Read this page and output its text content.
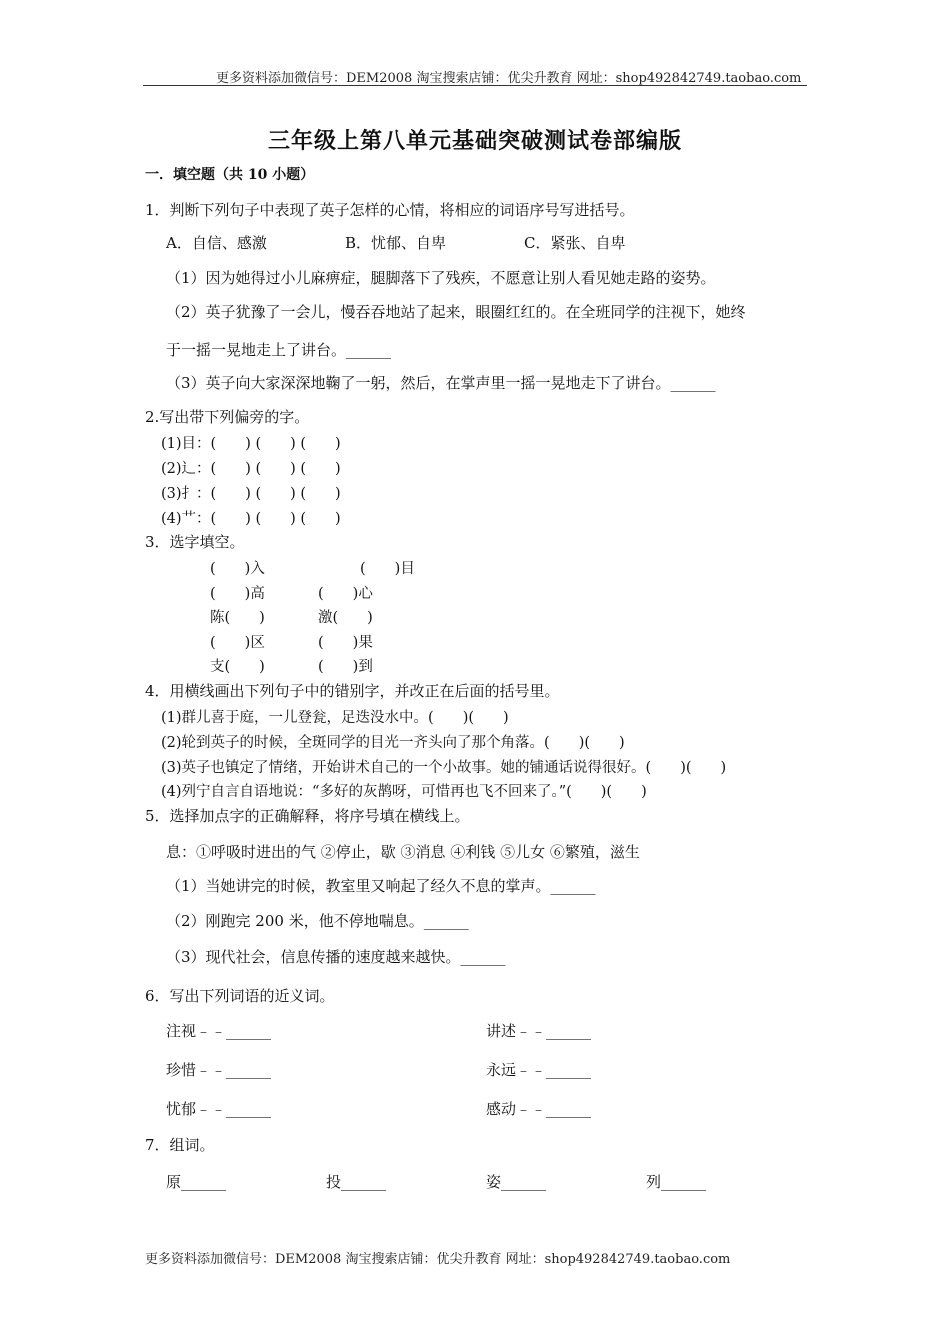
更多资料添加微信号：DEM2008 淘宝搜索店铺：优尖升教育 网址：shop492842749.taobao.com
三年级上第八单元基础突破测试卷部编版
一．填空题（共 10 小题）
1．判断下列句子中表现了英子怎样的心情，将相应的词语序号写进括号。
A．自信、感激	B．忧郁、自卑	C．紧张、自卑
（1）因为她得过小儿麻痹症，腿脚落下了残疾，不愿意让别人看见她走路的姿势。
（2）英子犹豫了一会儿，慢吞吞地站了起来，眼圈红红的。在全班同学的注视下，她终
于一摇一晃地走上了讲台。______
（3）英子向大家深深地鞠了一躬，然后，在掌声里一摇一晃地走下了讲台。______
2.写出带下列偏旁的字。
(1)目：(　　) (　　) (　　)
(2)辶：(　　) (　　) (　　)
(3)扌：(　　) (　　) (　　)
(4)艹：(　　) (　　) (　　)
3．选字填空。
(　　)入	(　　)目
(　　)高	(　　)心
陈(　　)	激(　　)
(　　)区	(　　)果
支(　　)	(　　)到
4．用横线画出下列句子中的错别字，并改正在后面的括号里。
(1)群儿喜于庭，一儿登瓮，足迭没水中。(　　)(　　)
(2)轮到英子的时候，全斑同学的目光一齐头向了那个角落。(　　)(　　)
(3)英子也镇定了情绪，开始讲术自己的一个小故事。她的铺通话说得很好。(　　)(　　)
(4)列宁自言自语地说：“多好的灰鹊呀，可惜再也飞不回来了。”(　　)(　　)
5．选择加点字的正确解释，将序号填在横线上。
息：①呼吸时进出的气 ②停止，歇 ③消息 ④利钱 ⑤儿女 ⑥繁殖，滋生
（1）当她讲完的时候，教室里又响起了经久不息的掌声。______
（2）刚跑完 200 米，他不停地喘息。______
（3）现代社会，信息传播的速度越来越快。______
6．写出下列词语的近义词。
注视﹣﹣______	讲述﹣﹣______
珍惜﹣﹣______	永远﹣﹣______
忧郁﹣﹣______	感动﹣﹣______
7．组词。
原______	投______	姿______	列______
更多资料添加微信号：DEM2008 淘宝搜索店铺：优尖升教育 网址：shop492842749.taobao.com
